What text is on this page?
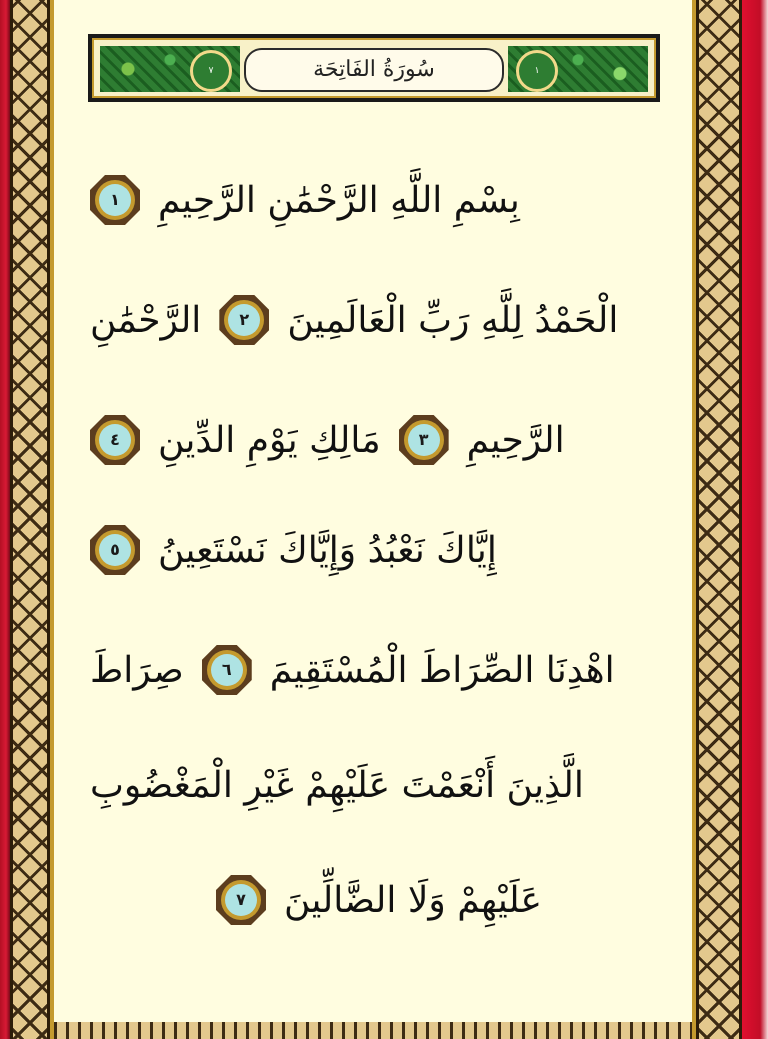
٧	١
سُورَةُ الفَاتِحَة
١	بِسْمِ اللَّهِ الرَّحْمَٰنِ الرَّحِيمِ
الرَّحْمَٰنِ	٢	الْحَمْدُ لِلَّهِ رَبِّ الْعَالَمِينَ
٤	مَالِكِ يَوْمِ الدِّينِ	٣	الرَّحِيمِ
٥	إِيَّاكَ نَعْبُدُ وَإِيَّاكَ نَسْتَعِينُ
صِرَاطَ	٦	اهْدِنَا الصِّرَاطَ الْمُسْتَقِيمَ
الَّذِينَ أَنْعَمْتَ عَلَيْهِمْ غَيْرِ الْمَغْضُوبِ
٧	عَلَيْهِمْ وَلَا الضَّالِّينَ
